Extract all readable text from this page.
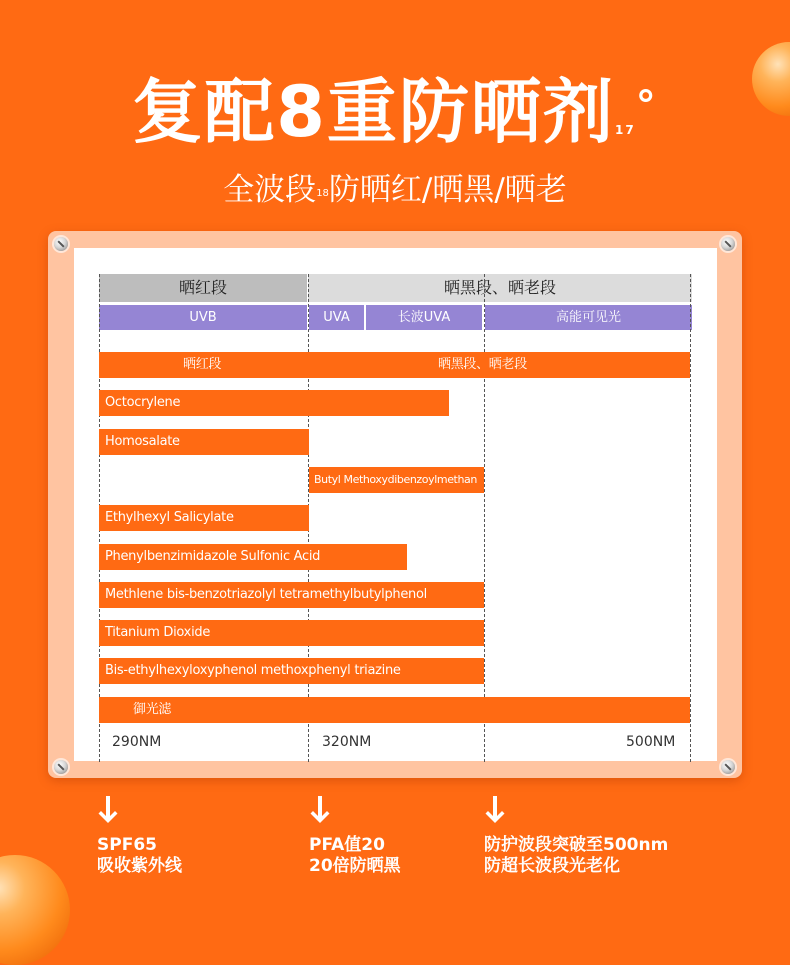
复配8重防晒剂$^{17^\circ}$
全波段$^{18}$防晒红/晒黑/晒老
晒红段	晒黑段、晒老段
UVB	UVA	长波UVA	高能可见光
晒红段	晒黑段、晒老段
Octocrylene
Homosalate
Butyl Methoxydibenzoylmethan
Ethylhexyl Salicylate
Phenylbenzimidazole Sulfonic Acid
Methlene bis-benzotriazolyl tetramethylbutylphenol
Titanium Dioxide
Bis-ethylhexyloxyphenol methoxphenyl triazine
御光滤
290NM	320NM	500NM
SPF65
吸收紫外线
PFA值20
20倍防晒黑
防护波段突破至500nm
防超长波段光老化
